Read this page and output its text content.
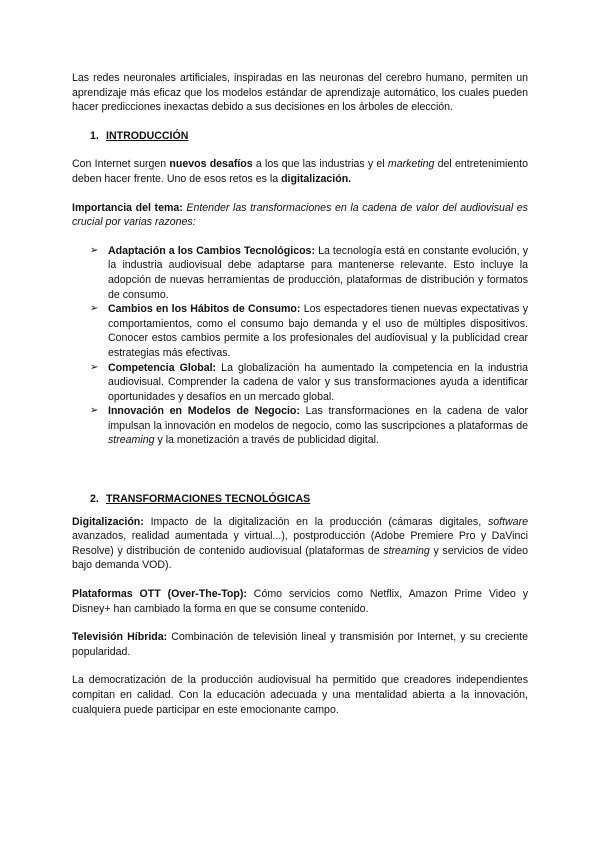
Las redes neuronales artificiales, inspiradas en las neuronas del cerebro humano, permiten un aprendizaje más eficaz que los modelos estándar de aprendizaje automático, los cuales pueden hacer predicciones inexactas debido a sus decisiones en los árboles de elección.

1. INTRODUCCIÓN

Con Internet surgen nuevos desafíos a los que las industrias y el marketing del entretenimiento deben hacer frente. Uno de esos retos es la digitalización.

Importancia del tema: Entender las transformaciones en la cadena de valor del audiovisual es crucial por varias razones:

➢ Adaptación a los Cambios Tecnológicos: La tecnología está en constante evolución, y la industria audiovisual debe adaptarse para mantenerse relevante. Esto incluye la adopción de nuevas herramientas de producción, plataformas de distribución y formatos de consumo.
➢ Cambios en los Hábitos de Consumo: Los espectadores tienen nuevas expectativas y comportamientos, como el consumo bajo demanda y el uso de múltiples dispositivos. Conocer estos cambios permite a los profesionales del audiovisual y la publicidad crear estrategias más efectivas.
➢ Competencia Global: La globalización ha aumentado la competencia en la industria audiovisual. Comprender la cadena de valor y sus transformaciones ayuda a identificar oportunidades y desafíos en un mercado global.
➢ Innovación en Modelos de Negocio: Las transformaciones en la cadena de valor impulsan la innovación en modelos de negocio, como las suscripciones a plataformas de streaming y la monetización a través de publicidad digital.
2. TRANSFORMACIONES TECNOLÓGICAS

Digitalización: Impacto de la digitalización en la producción (cámaras digitales, software avanzados, realidad aumentada y virtual...), postproducción (Adobe Premiere Pro y DaVinci Resolve) y distribución de contenido audiovisual (plataformas de streaming y servicios de video bajo demanda VOD).

Plataformas OTT (Over-The-Top): Cómo servicios como Netflix, Amazon Prime Video y Disney+ han cambiado la forma en que se consume contenido.

Televisión Híbrida: Combinación de televisión lineal y transmisión por Internet, y su creciente popularidad.

La democratización de la producción audiovisual ha permitido que creadores independientes compitan en calidad. Con la educación adecuada y una mentalidad abierta a la innovación, cualquiera puede participar en este emocionante campo.
